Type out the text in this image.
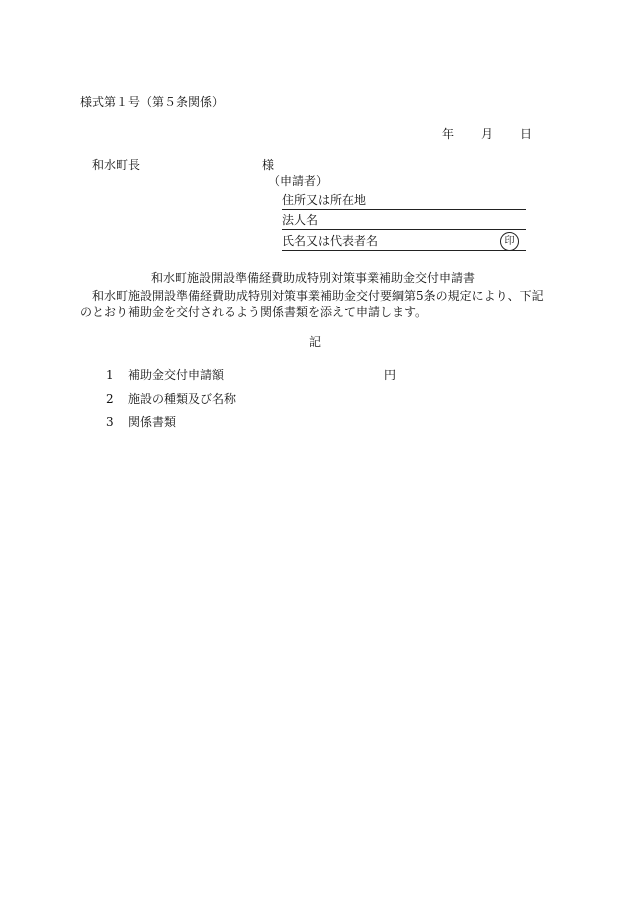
様式第１号（第５条関係）
年 月 日
和水町長	様
（申請者）
住所又は所在地
法人名
氏名又は代表者名	印
和水町施設開設準備経費助成特別対策事業補助金交付申請書
和水町施設開設準備経費助成特別対策事業補助金交付要綱第5条の規定により、下記のとおり補助金を交付されるよう関係書類を添えて申請します。
記
1 補助金交付申請額	円
2 施設の種類及び名称
3 関係書類
